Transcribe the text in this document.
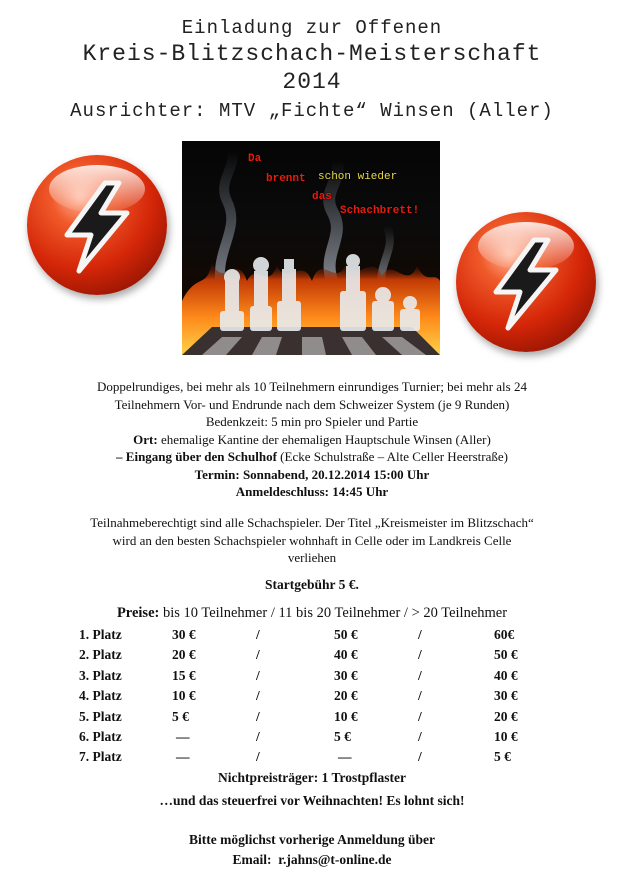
Einladung zur Offenen
Kreis-Blitzschach-Meisterschaft
2014
Ausrichter: MTV „Fichte“ Winsen (Aller)
Da
brennt schon wieder
das
Schachbrett!
Doppelrundiges, bei mehr als 10 Teilnehmern einrundiges Turnier; bei mehr als 24
Teilnehmern Vor- und Endrunde nach dem Schweizer System (je 9 Runden)
Bedenkzeit: 5 min pro Spieler und Partie
Ort: ehemalige Kantine der ehemaligen Hauptschule Winsen (Aller)
– Eingang über den Schulhof (Ecke Schulstraße – Alte Celler Heerstraße)
Termin: Sonnabend, 20.12.2014 15:00 Uhr
Anmeldeschluss: 14:45 Uhr
Teilnahmeberechtigt sind alle Schachspieler. Der Titel „Kreismeister im Blitzschach“
wird an den besten Schachspieler wohnhaft in Celle oder im Landkreis Celle
verliehen
Startgebühr 5 €.
Preise: bis 10 Teilnehmer / 11 bis 20 Teilnehmer / > 20 Teilnehmer
1. Platz	30 €	/	50 €	/	60€
2. Platz	20 €	/	40 €	/	50 €
3. Platz	15 €	/	30 €	/	40 €
4. Platz	10 €	/	20 €	/	30 €
5. Platz	5 €	/	10 €	/	20 €
6. Platz	—	/	5 €	/	10 €
7. Platz	—	/	—	/	5 €
Nichtpreisträger: 1 Trostpflaster
…und das steuerfrei vor Weihnachten! Es lohnt sich!
Bitte möglichst vorherige Anmeldung über
Email: r.jahns@t-online.de
